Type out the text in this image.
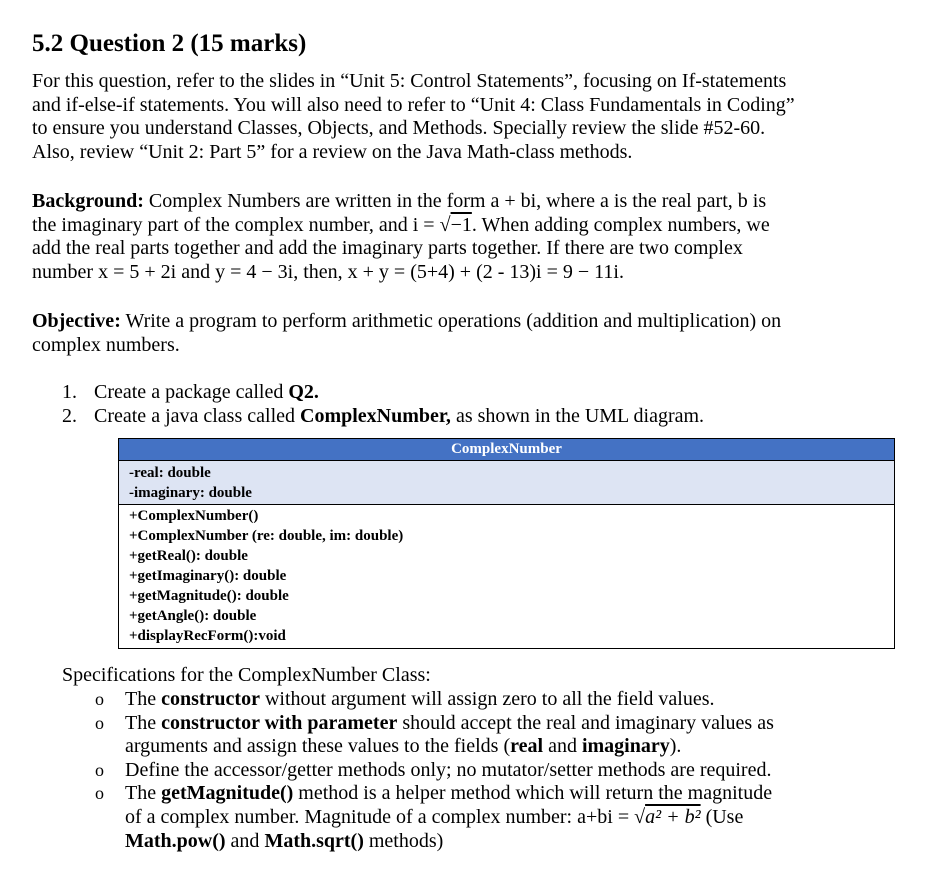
5.2 Question 2 (15 marks)
For this question, refer to the slides in “Unit 5: Control Statements”, focusing on If-statements
and if-else-if statements. You will also need to refer to “Unit 4: Class Fundamentals in Coding”
to ensure you understand Classes, Objects, and Methods. Specially review the slide #52-60.
Also, review “Unit 2: Part 5” for a review on the Java Math-class methods.
Background: Complex Numbers are written in the form a + bi, where a is the real part, b is
the imaginary part of the complex number, and i = √−1. When adding complex numbers, we
add the real parts together and add the imaginary parts together. If there are two complex
number x = 5 + 2i and y = 4 − 3i, then, x + y = (5+4) + (2 - 13)i = 9 − 11i.
Objective: Write a program to perform arithmetic operations (addition and multiplication) on
complex numbers.
1. Create a package called Q2.
2. Create a java class called ComplexNumber, as shown in the UML diagram.
ComplexNumber
-real: double
-imaginary: double
+ComplexNumber()
+ComplexNumber (re: double, im: double)
+getReal(): double
+getImaginary(): double
+getMagnitude(): double
+getAngle(): double
+displayRecForm():void
Specifications for the ComplexNumber Class:
o The constructor without argument will assign zero to all the field values.
o The constructor with parameter should accept the real and imaginary values as
arguments and assign these values to the fields (real and imaginary).
o Define the accessor/getter methods only; no mutator/setter methods are required.
o The getMagnitude() method is a helper method which will return the magnitude
of a complex number. Magnitude of a complex number: a+bi = √a² + b² (Use
Math.pow() and Math.sqrt() methods)
